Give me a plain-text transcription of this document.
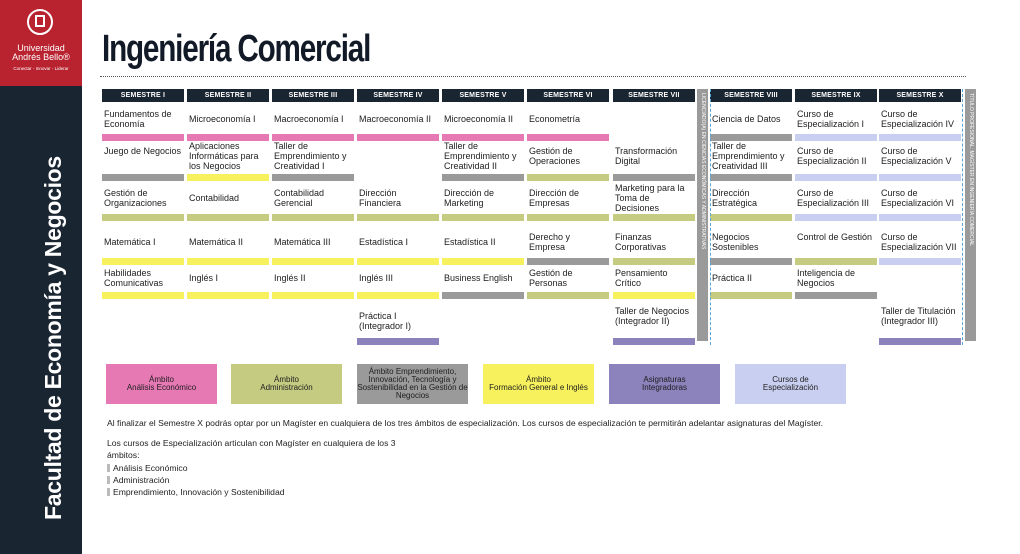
Universidad
Andrés Bello®
Conectar - Innovar - Liderar
Facultad de Economía y Negocios
Ingeniería Comercial
SEMESTRE I
Fundamentos de Economía
Juego de Negocios
Gestión de Organizaciones
Matemática I
Habilidades Comunicativas
SEMESTRE II
Microeconomía I
Aplicaciones Informáticas para los Negocios
Contabilidad
Matemática II
Inglés I
SEMESTRE III
Macroeconomía I
Taller de Emprendimiento y Creatividad I
Contabilidad Gerencial
Matemática III
Inglés II
SEMESTRE IV
Macroeconomía II
Dirección Financiera
Estadística I
Inglés III
Práctica I (Integrador I)
SEMESTRE V
Microeconomía II
Taller de Emprendimiento y Creatividad II
Dirección de Marketing
Estadística II
Business English
SEMESTRE VI
Econometría
Gestión de Operaciones
Dirección de Empresas
Derecho y Empresa
Gestión de Personas
SEMESTRE VII
Transformación Digital
Marketing para la Toma de Decisiones
Finanzas Corporativas
Pensamiento Crítico
Taller de Negocios (Integrador II)
SEMESTRE VIII
Ciencia de Datos
Taller de Emprendimiento y Creatividad III
Dirección Estratégica
Negocios Sostenibles
Práctica II
SEMESTRE IX
Curso de Especialización I
Curso de Especialización II
Curso de Especialización III
Control de Gestión
Inteligencia de Negocios
SEMESTRE X
Curso de Especialización IV
Curso de Especialización V
Curso de Especialización VI
Curso de Especialización VII
Taller de Titulación (Integrador III)
LICENCIADO(A) EN CIENCIAS ECONÓMICAS Y ADMINISTRATIVAS	TÍTULO PROFESIONAL: MAGÍSTER EN INGENIERÍA COMERCIAL
Ámbito
Análisis Económico
Ámbito
Administración
Ámbito Emprendimiento,
Innovación, Tecnología y
Sostenibilidad en la Gestión de
Negocios
Ámbito
Formación General e Inglés
Asignaturas
Integradoras
Cursos de
Especialización
Al finalizar el Semestre X podrás optar por un Magíster en cualquiera de los tres ámbitos de especialización. Los cursos de especialización te permitirán adelantar asignaturas del Magíster.
Los cursos de Especialización articulan con Magíster en cualquiera de los 3
ámbitos:
Análisis Económico
Administración
Emprendimiento, Innovación y Sostenibilidad
